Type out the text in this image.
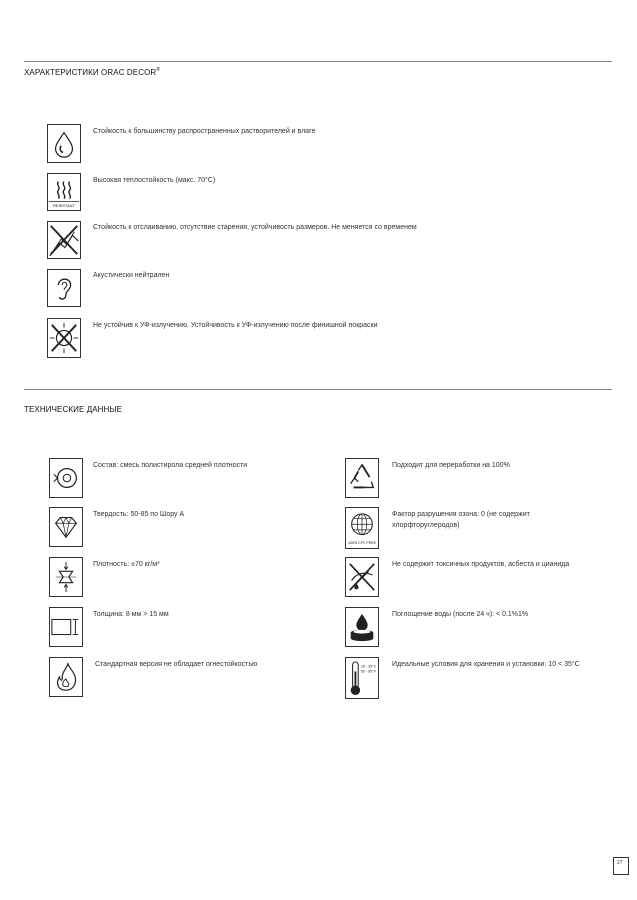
ХАРАКТЕРИСТИКИ ORAC DECOR®
Стойкость к большинству распространенных растворителей и влаге
RESISTANT
Высокая теплостойкость (макс. 70°C)
Стойкость к отслаиванию, отсутствие старения, устойчивость размеров. Не меняется со временем
Акустически нейтрален
Не устойчив к УФ-излучению. Устойчивость к УФ-излучению после финишной покраски
ТЕХНИЧЕСКИЕ ДАННЫЕ
Состав: смесь полистирола средней плотности
Твердость: 50-85 по Шору A
Плотность: ±70 кг/м³
Толщина: 8 мм > 15 мм
Стандартная версия не обладает огнестойкостью
Подходит для переработки на 100%
100% CFC FREE
Фактор разрушения озона: 0 (не содержит
хлорфторуглеродов)
Не содержит токсичных продуктов, асбеста и цианида
Поглощение воды (после 24 ч): < 0.1%1%
10 - 35°C
50 - 95°F
Идеальные условия для хранения и установки: 10 < 35°C
27
